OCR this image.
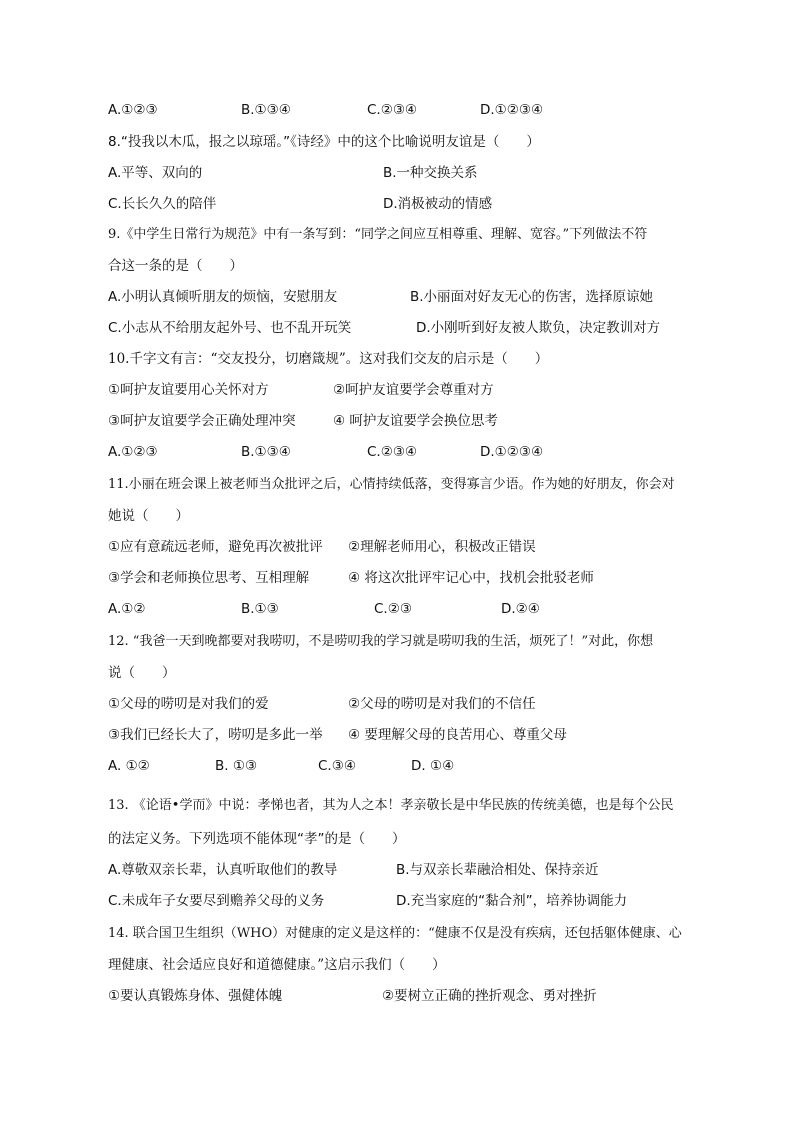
A.①②③	B.①③④	C.②③④	D.①②③④
8.“投我以木瓜，报之以琼瑶。”《诗经》中的这个比喻说明友谊是（　　）
A.平等、双向的	B.一种交换关系
C.长长久久的陪伴	D.消极被动的情感
9.《中学生日常行为规范》中有一条写到：“同学之间应互相尊重、理解、宽容。”下列做法不符
合这一条的是（　　）
A.小明认真倾听朋友的烦恼，安慰朋友	B.小丽面对好友无心的伤害，选择原谅她
C.小志从不给朋友起外号、也不乱开玩笑	D.小刚听到好友被人欺负，决定教训对方
10.千字文有言：“交友投分，切磨箴规”。这对我们交友的启示是（　　）
①呵护友谊要用心关怀对方	②呵护友谊要学会尊重对方
③呵护友谊要学会正确处理冲突	④ 呵护友谊要学会换位思考
A.①②③	B.①③④	C.②③④	D.①②③④
11.小丽在班会课上被老师当众批评之后，心情持续低落，变得寡言少语。作为她的好朋友，你会对
她说（　　）
①应有意疏远老师，避免再次被批评 ②理解老师用心，积极改正错误
③学会和老师换位思考、互相理解	④ 将这次批评牢记心中，找机会批驳老师
A.①②	B.①③	C.②③	D.②④
12. “我爸一天到晚都要对我唠叨，不是唠叨我的学习就是唠叨我的生活，烦死了！”对此，你想
说（　　）
①父母的唠叨是对我们的爱	②父母的唠叨是对我们的不信任
③我们已经长大了，唠叨是多此一举 ④ 要理解父母的良苦用心、尊重父母
A. ①②	B. ①③	C.③④	D. ①④
13. 《论语•学而》中说：孝悌也者，其为人之本！孝亲敬长是中华民族的传统美德，也是每个公民
的法定义务。下列选项不能体现“孝”的是（　　）
A.尊敬双亲长辈，认真听取他们的教导	B.与双亲长辈融洽相处、保持亲近
C.未成年子女要尽到赡养父母的义务	D.充当家庭的“黏合剂”，培养协调能力
14. 联合国卫生组织（WHO）对健康的定义是这样的：“健康不仅是没有疾病，还包括躯体健康、心
理健康、社会适应良好和道德健康。”这启示我们（　　）
①要认真锻炼身体、强健体魄	②要树立正确的挫折观念、勇对挫折
